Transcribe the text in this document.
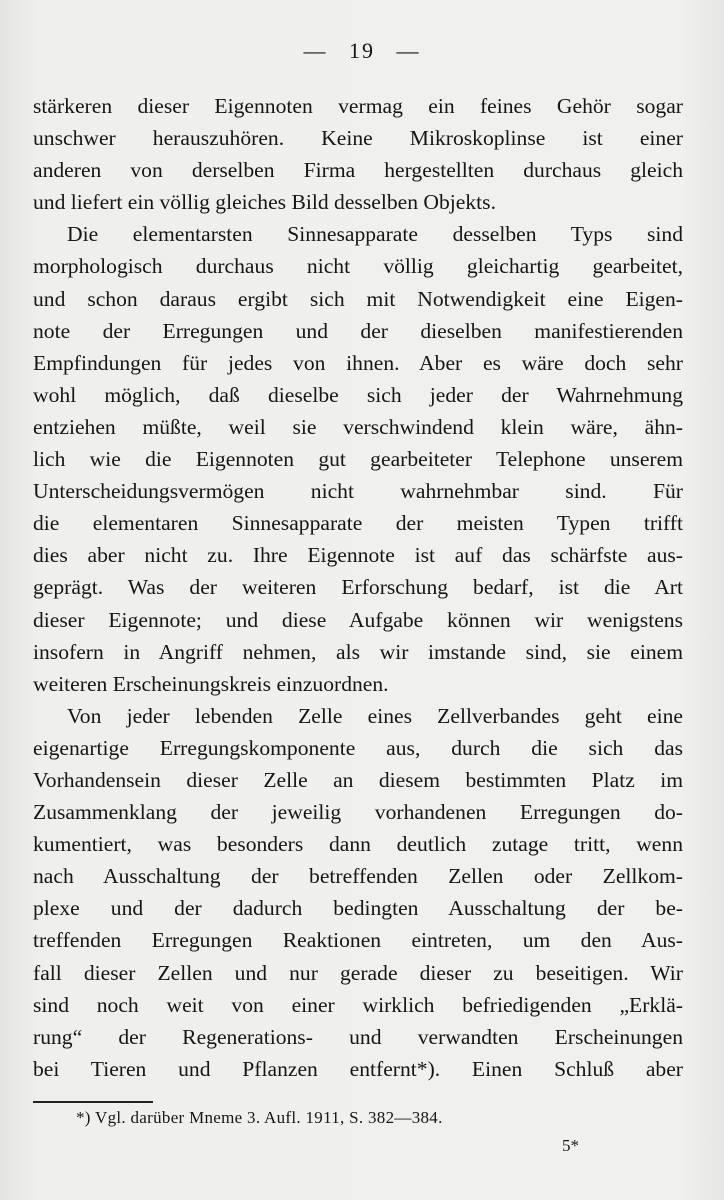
— 19 —
stärkeren dieser Eigennoten vermag ein feines Gehör sogar
unschwer herauszuhören. Keine Mikroskoplinse ist einer
anderen von derselben Firma hergestellten durchaus gleich
und liefert ein völlig gleiches Bild desselben Objekts.
Die elementarsten Sinnesapparate desselben Typs sind
morphologisch durchaus nicht völlig gleichartig gearbeitet,
und schon daraus ergibt sich mit Notwendigkeit eine Eigen-
note der Erregungen und der dieselben manifestierenden
Empfindungen für jedes von ihnen. Aber es wäre doch sehr
wohl möglich, daß dieselbe sich jeder der Wahrnehmung
entziehen müßte, weil sie verschwindend klein wäre, ähn-
lich wie die Eigennoten gut gearbeiteter Telephone unserem
Unterscheidungsvermögen nicht wahrnehmbar sind. Für
die elementaren Sinnesapparate der meisten Typen trifft
dies aber nicht zu. Ihre Eigennote ist auf das schärfste aus-
geprägt. Was der weiteren Erforschung bedarf, ist die Art
dieser Eigennote; und diese Aufgabe können wir wenigstens
insofern in Angriff nehmen, als wir imstande sind, sie einem
weiteren Erscheinungskreis einzuordnen.
Von jeder lebenden Zelle eines Zellverbandes geht eine
eigenartige Erregungskomponente aus, durch die sich das
Vorhandensein dieser Zelle an diesem bestimmten Platz im
Zusammenklang der jeweilig vorhandenen Erregungen do-
kumentiert, was besonders dann deutlich zutage tritt, wenn
nach Ausschaltung der betreffenden Zellen oder Zellkom-
plexe und der dadurch bedingten Ausschaltung der be-
treffenden Erregungen Reaktionen eintreten, um den Aus-
fall dieser Zellen und nur gerade dieser zu beseitigen. Wir
sind noch weit von einer wirklich befriedigenden „Erklä-
rung“ der Regenerations- und verwandten Erscheinungen
bei Tieren und Pflanzen entfernt*). Einen Schluß aber
*) Vgl. darüber Mneme 3. Aufl. 1911, S. 382—384.
5*
